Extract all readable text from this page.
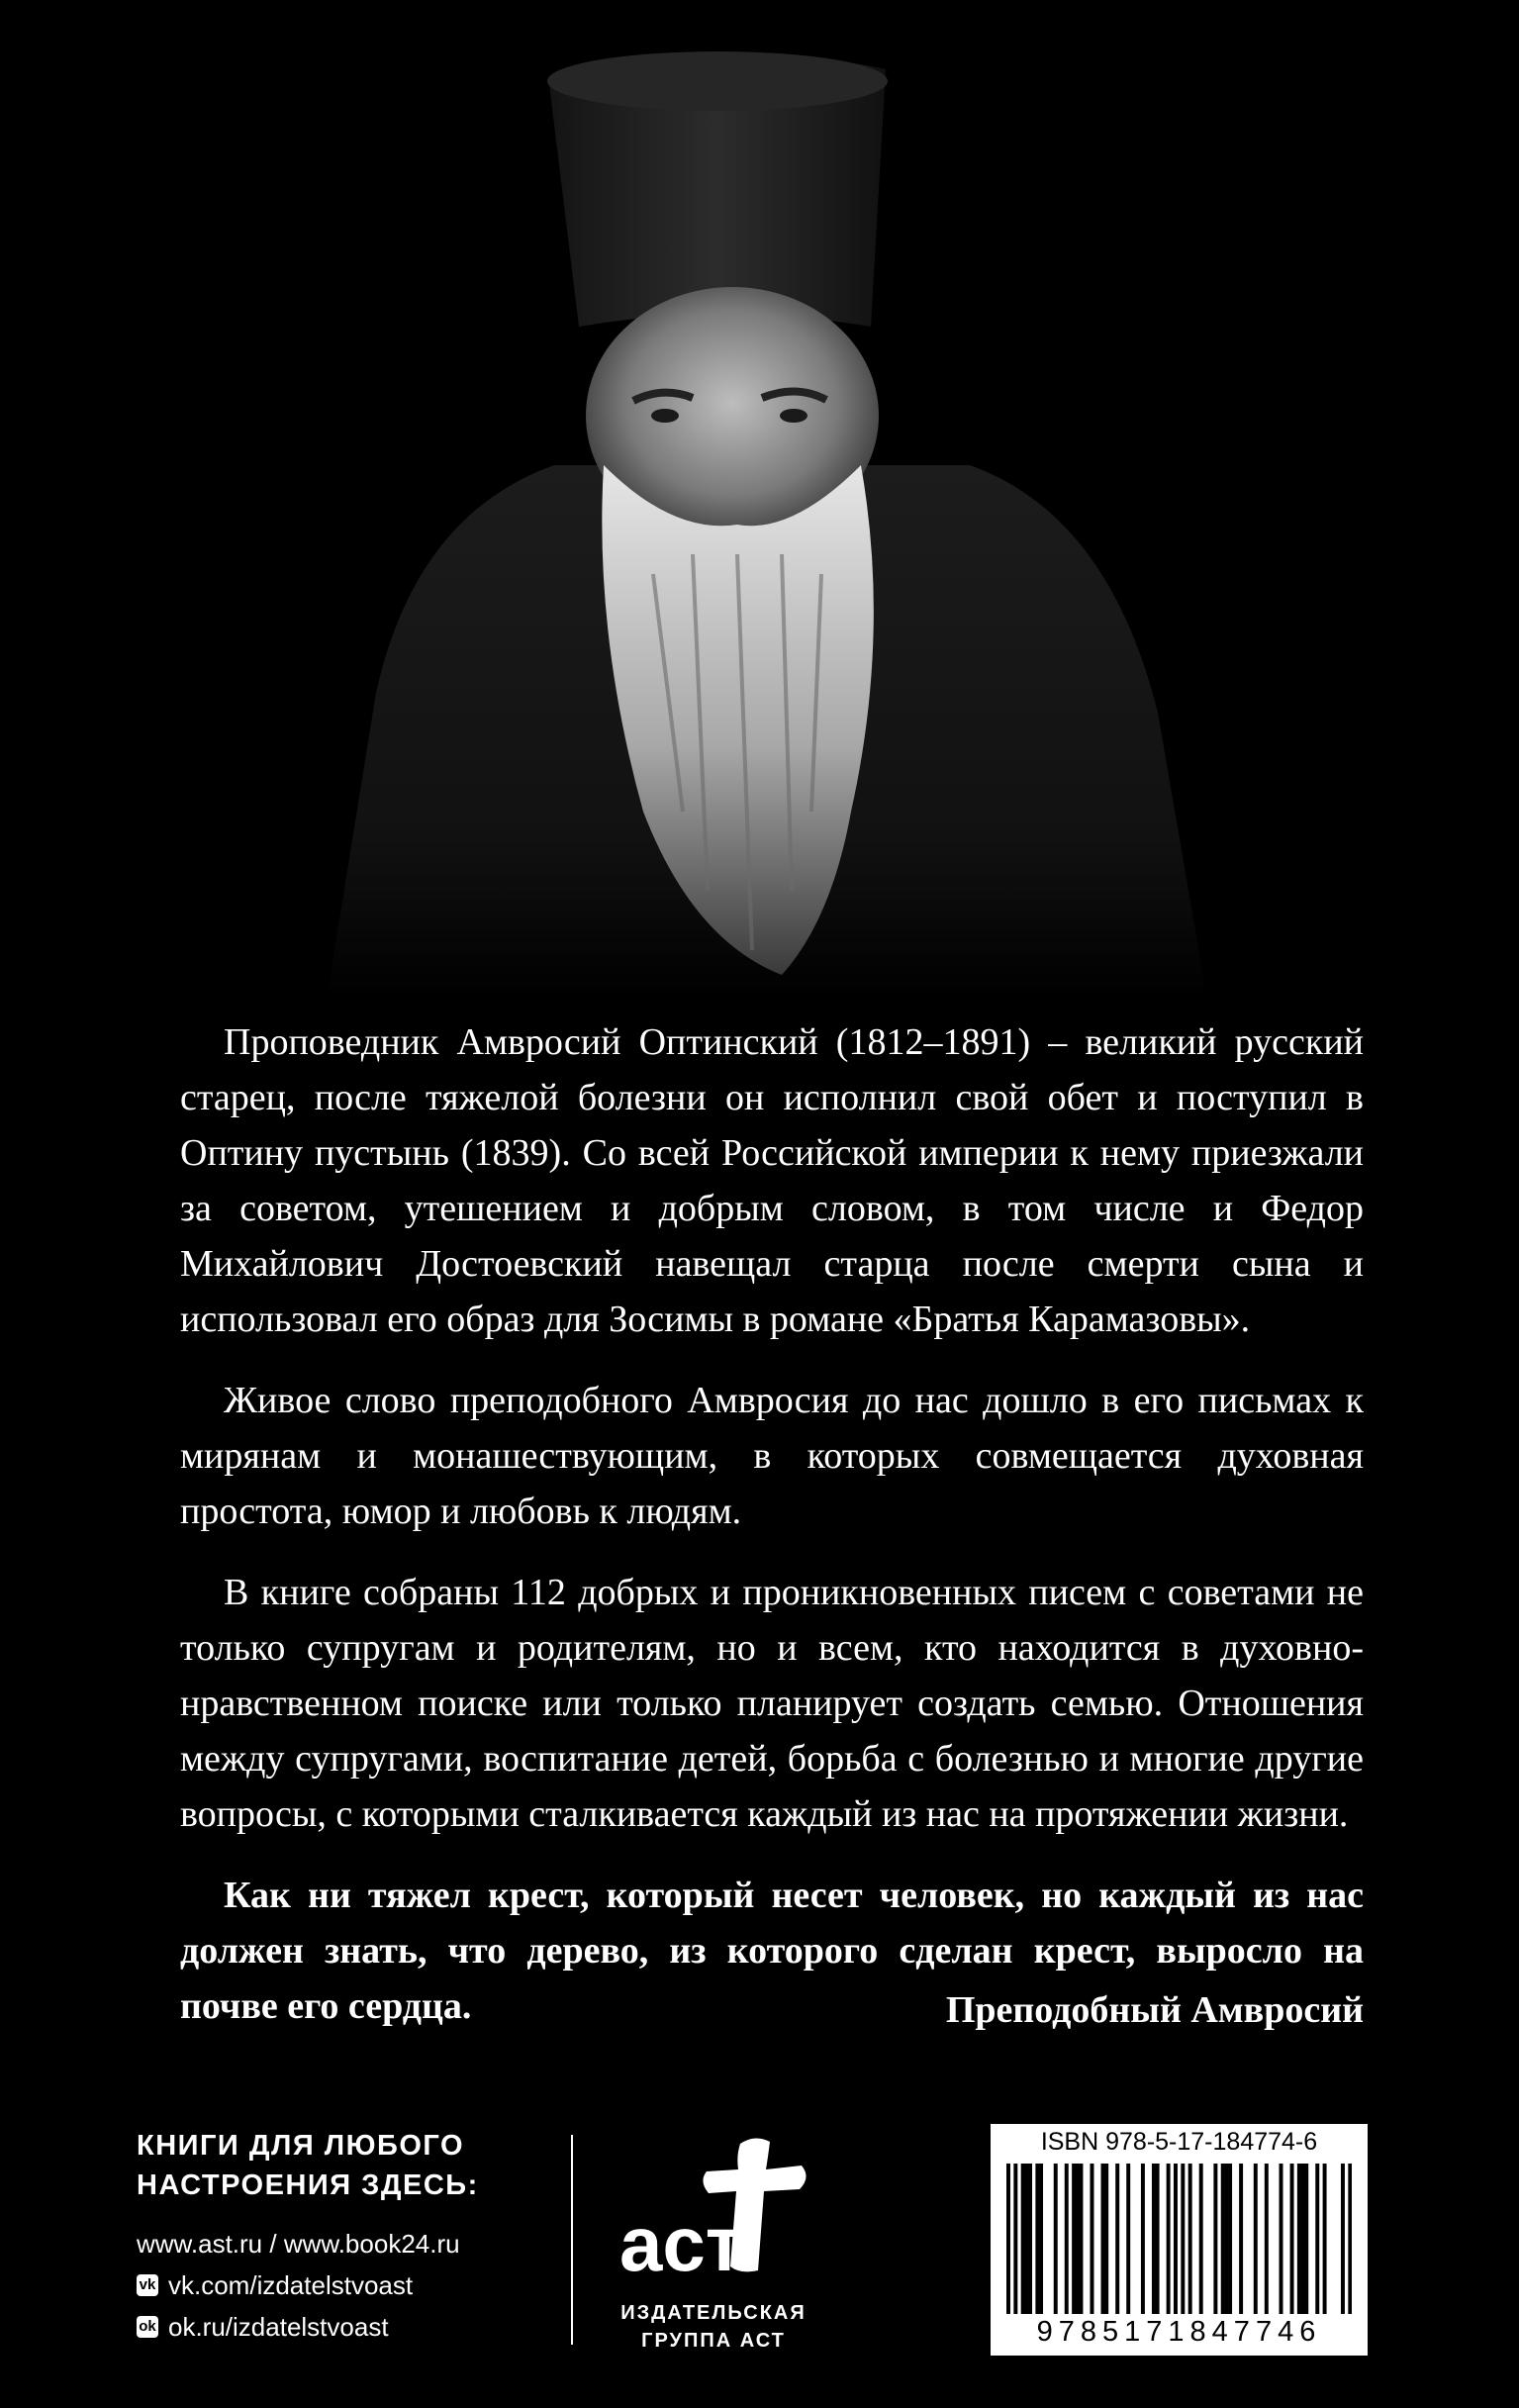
Проповедник Амвросий Оптинский (1812–1891) – великий русский старец, после тяжелой болезни он исполнил свой обет и поступил в Оптину пустынь (1839). Со всей Российской империи к нему приезжали за советом, утешением и добрым словом, в том числе и Федор Михайлович Достоевский навещал старца после смерти сына и использовал его образ для Зосимы в романе «Братья Карамазовы».

Живое слово преподобного Амвросия до нас дошло в его письмах к мирянам и монашествующим, в которых совмещается духовная простота, юмор и любовь к людям.

В книге собраны 112 добрых и проникновенных писем с советами не только супругам и родителям, но и всем, кто находится в духовно-нравственном поиске или только планирует создать семью. Отношения между супругами, воспитание детей, борьба с болезнью и многие другие вопросы, с которыми сталкивается каждый из нас на протяжении жизни.

Как ни тяжел крест, который несет человек, но каждый из нас должен знать, что дерево, из которого сделан крест, выросло на почве его сердца.	Преподобный Амвросий
КНИГИ ДЛЯ ЛЮБОГО
НАСТРОЕНИЯ ЗДЕСЬ:
www.ast.ru / www.book24.ru
vk vk.com/izdatelstvoast
ok ok.ru/izdatelstvoast
аст
ИЗДАТЕЛЬСКАЯ
ГРУППА АСТ
ISBN 978-5-17-184774-6
9785171847746
